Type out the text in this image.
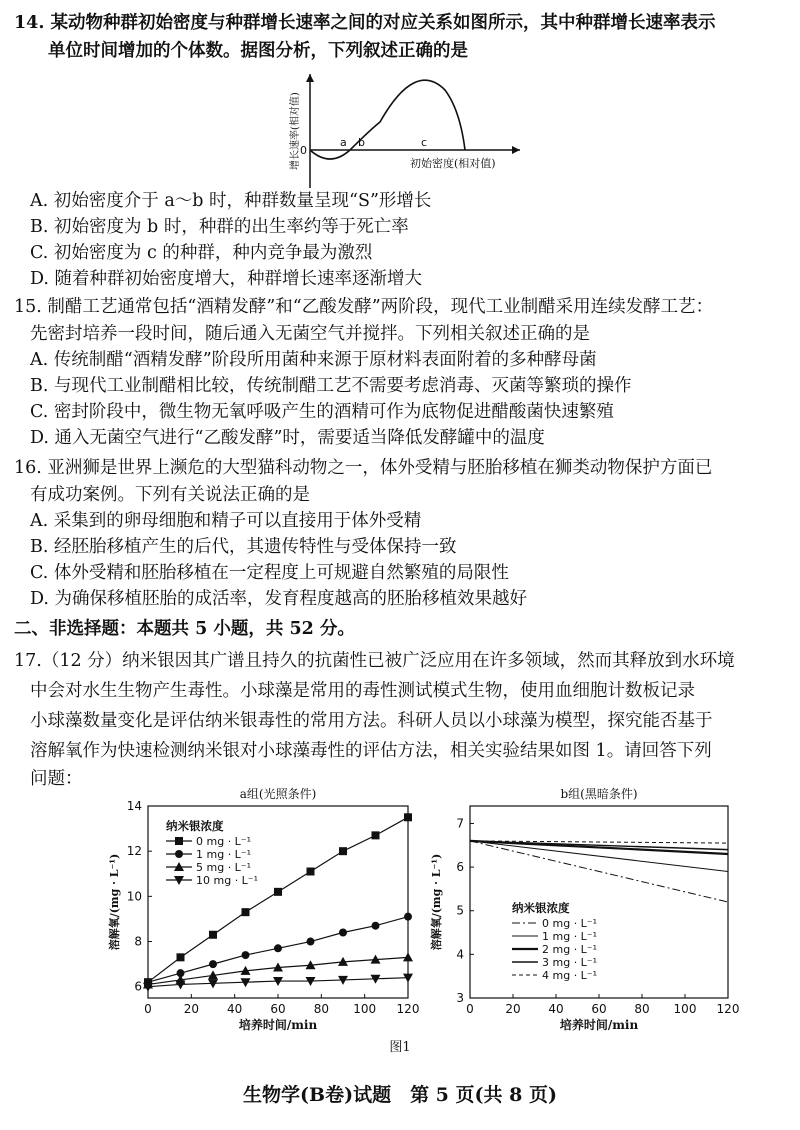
14. 某动物种群初始密度与种群增长速率之间的对应关系如图所示，其中种群增长速率表示
单位时间增加的个体数。据图分析，下列叙述正确的是
0
a b	c
初始密度(相对值)
增长速率(相对值)
A. 初始密度介于 a～b 时，种群数量呈现“S”形增长
B. 初始密度为 b 时，种群的出生率约等于死亡率
C. 初始密度为 c 的种群，种内竞争最为激烈
D. 随着种群初始密度增大，种群增长速率逐渐增大
15. 制醋工艺通常包括“酒精发酵”和“乙酸发酵”两阶段，现代工业制醋采用连续发酵工艺：
先密封培养一段时间，随后通入无菌空气并搅拌。下列相关叙述正确的是
A. 传统制醋“酒精发酵”阶段所用菌种来源于原材料表面附着的多种酵母菌
B. 与现代工业制醋相比较，传统制醋工艺不需要考虑消毒、灭菌等繁琐的操作
C. 密封阶段中，微生物无氧呼吸产生的酒精可作为底物促进醋酸菌快速繁殖
D. 通入无菌空气进行“乙酸发酵”时，需要适当降低发酵罐中的温度
16. 亚洲狮是世界上濒危的大型猫科动物之一，体外受精与胚胎移植在狮类动物保护方面已
有成功案例。下列有关说法正确的是
A. 采集到的卵母细胞和精子可以直接用于体外受精
B. 经胚胎移植产生的后代，其遗传特性与受体保持一致
C. 体外受精和胚胎移植在一定程度上可规避自然繁殖的局限性
D. 为确保移植胚胎的成活率，发育程度越高的胚胎移植效果越好
二、非选择题：本题共 5 小题，共 52 分。
17.（12 分）纳米银因其广谱且持久的抗菌性已被广泛应用在许多领域，然而其释放到水环境
中会对水生生物产生毒性。小球藻是常用的毒性测试模式生物，使用血细胞计数板记录
小球藻数量变化是评估纳米银毒性的常用方法。科研人员以小球藻为模型，探究能否基于
溶解氧作为快速检测纳米银对小球藻毒性的评估方法，相关实验结果如图 1。请回答下列
问题：
a组(光照条件)
0	20 40 60 80 100 120
6
8
10
12
14
培养时间/min
溶解氧/(mg · L⁻¹)
纳米银浓度
0 mg · L⁻¹
1 mg · L⁻¹
5 mg · L⁻¹
10 mg · L⁻¹
b组(黑暗条件)
0	20 40 60 80 100 120
3
4
5
6
7
培养时间/min
溶解氧/(mg · L⁻¹)	纳米银浓度
0 mg · L⁻¹
1 mg · L⁻¹
2 mg · L⁻¹
3 mg · L⁻¹
4 mg · L⁻¹
图1
生物学(B卷)试题　第 5 页(共 8 页)
